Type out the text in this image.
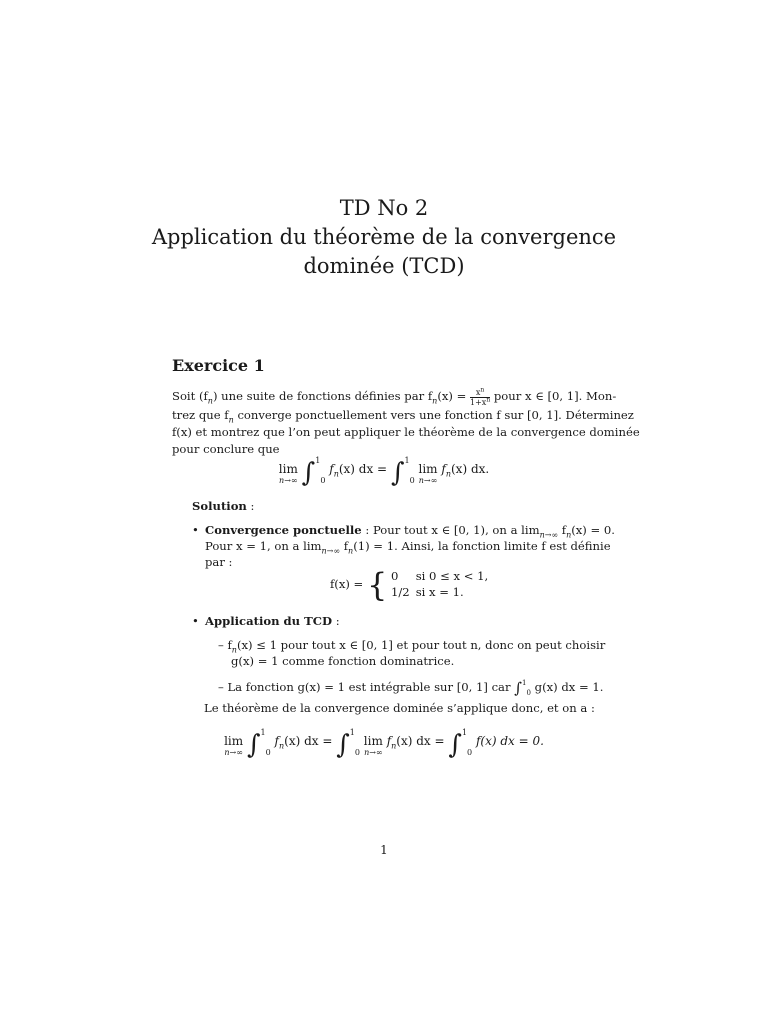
TD No 2
Application du théorème de la convergence
dominée (TCD)
Exercice 1
Soit $(f_n)$ une suite de fonctions définies par $f_n(x) = \frac{x^n}{1+x^n}$ pour x ∈ [0, 1]. Mon-
trez que $f_n$ converge ponctuellement vers une fonction f sur [0, 1]. Déterminez
f(x) et montrez que l’on peut appliquer le théorème de la convergence dominée
pour conclure que
lim
n→∞ ∫$^1_0$ $f_n(x)$ dx = ∫$^1_0$ lim
n→∞
$f_n(x)$ dx.
Solution :
• Convergence ponctuelle : Pour tout x ∈ [0, 1), on a $\lim_{n\to\infty} f_n(x) = 0$.
Pour x = 1, on a $\lim_{n\to\infty} f_n(1) = 1$. Ainsi, la fonction limite f est définie
par :
f(x) = { 0	si 0 ≤ x < 1,
1/2	si x = 1.
• Application du TCD :
– $f_n(x) \le 1$ pour tout x ∈ [0, 1] et pour tout n, donc on peut choisir
g(x) = 1 comme fonction dominatrice.
– La fonction g(x) = 1 est intégrable sur [0, 1] car ∫$^1_0$ g(x) dx = 1.
Le théorème de la convergence dominée s’applique donc, et on a :
lim
n→∞ ∫$^1_0$ $f_n(x)$ dx = ∫$^1_0$ lim
n→∞
$f_n(x)$ dx = ∫$^1_0$ f(x) dx = 0.
1
